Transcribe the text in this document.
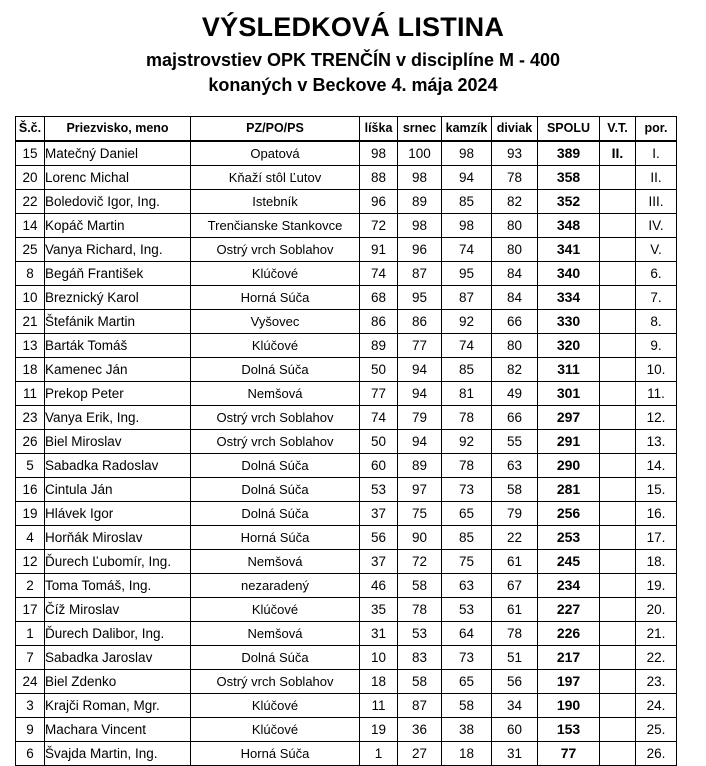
VÝSLEDKOVÁ LISTINA
majstrovstiev OPK TRENČÍN v disciplíne M - 400
konaných v Beckove 4. mája 2024
Š.č.	Priezvisko, meno	PZ/PO/PS	líška	srnec	kamzík	diviak	SPOLU	V.T.	por.
15	Matečný Daniel	Opatová	98	100	98	93	389	II.	I.
20	Lorenc Michal	Kňaží stôl Ľutov	88	98	94	78	358		II.
22	Boledovič Igor, Ing.	Istebník	96	89	85	82	352		III.
14	Kopáč Martin	Trenčianske Stankovce	72	98	98	80	348		IV.
25	Vanya Richard, Ing.	Ostrý vrch Soblahov	91	96	74	80	341		V.
8	Begáň František	Klúčové	74	87	95	84	340		6.
10	Breznický Karol	Horná Súča	68	95	87	84	334		7.
21	Štefánik Martin	Vyšovec	86	86	92	66	330		8.
13	Barták Tomáš	Klúčové	89	77	74	80	320		9.
18	Kamenec Ján	Dolná Súča	50	94	85	82	311		10.
11	Prekop Peter	Nemšová	77	94	81	49	301		11.
23	Vanya Erik, Ing.	Ostrý vrch Soblahov	74	79	78	66	297		12.
26	Biel Miroslav	Ostrý vrch Soblahov	50	94	92	55	291		13.
5	Sabadka Radoslav	Dolná Súča	60	89	78	63	290		14.
16	Cintula Ján	Dolná Súča	53	97	73	58	281		15.
19	Hlávek Igor	Dolná Súča	37	75	65	79	256		16.
4	Horňák Miroslav	Horná Súča	56	90	85	22	253		17.
12	Ďurech Ľubomír, Ing.	Nemšová	37	72	75	61	245		18.
2	Toma Tomáš, Ing.	nezaradený	46	58	63	67	234		19.
17	Číž Miroslav	Klúčové	35	78	53	61	227		20.
1	Ďurech Dalibor, Ing.	Nemšová	31	53	64	78	226		21.
7	Sabadka Jaroslav	Dolná Súča	10	83	73	51	217		22.
24	Biel Zdenko	Ostrý vrch Soblahov	18	58	65	56	197		23.
3	Krajči Roman, Mgr.	Klúčové	11	87	58	34	190		24.
9	Machara Vincent	Klúčové	19	36	38	60	153		25.
6	Švajda Martin, Ing.	Horná Súča	1	27	18	31	77		26.
